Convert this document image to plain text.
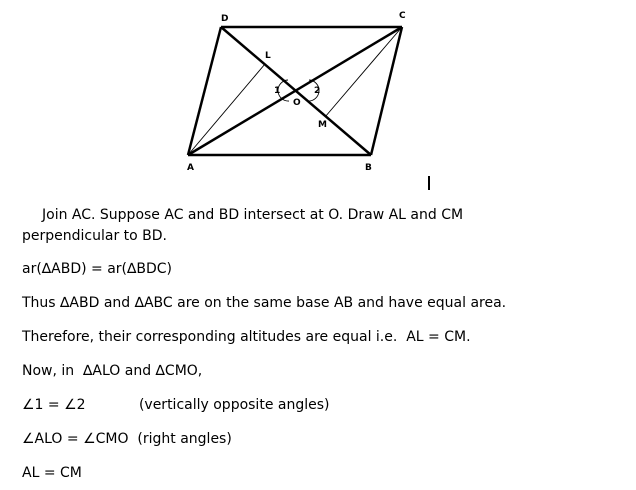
D	C
L
1	2
O
M
A	B

Join AC. Suppose AC and BD intersect at O. Draw AL and CM

perpendicular to BD.

ar(∆ABD) = ar(∆BDC)

Thus ∆ABD and ∆ABC are on the same base AB and have equal area.

Therefore, their corresponding altitudes are equal i.e.  AL = CM.

Now, in  ∆ALO and ∆CMO,

∠1 = ∠2            (vertically opposite angles)

∠ALO = ∠CMO  (right angles)

AL = CM
